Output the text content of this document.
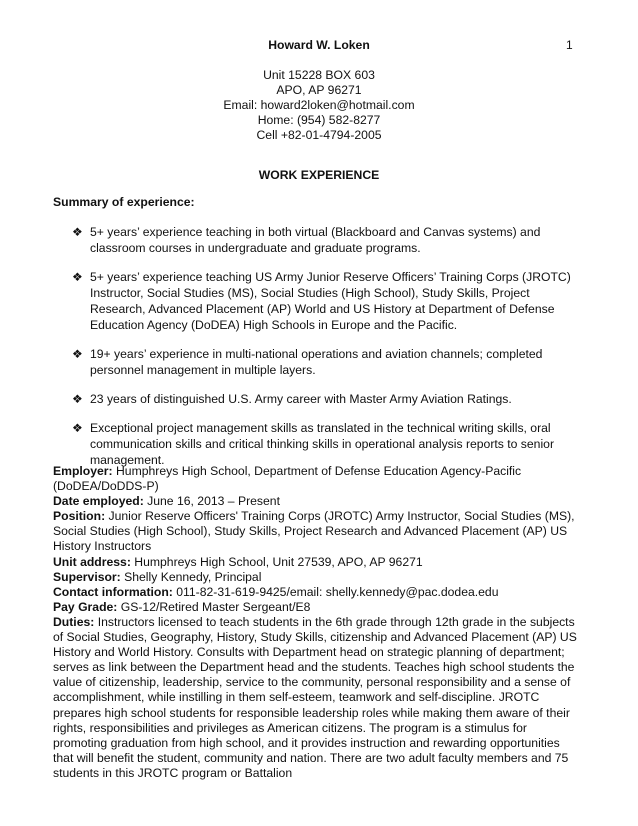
1
Howard W. Loken
Unit 15228 BOX 603
APO, AP 96271
Email: howard2loken@hotmail.com
Home: (954) 582-8277
Cell +82-01-4794-2005
WORK EXPERIENCE
Summary of experience:
❖ 5+ years’ experience teaching in both virtual (Blackboard and Canvas systems) and classroom courses in undergraduate and graduate programs.
❖ 5+ years’ experience teaching US Army Junior Reserve Officers’ Training Corps (JROTC) Instructor, Social Studies (MS), Social Studies (High School), Study Skills, Project Research, Advanced Placement (AP) World and US History at Department of Defense Education Agency (DoDEA) High Schools in Europe and the Pacific.
❖ 19+ years’ experience in multi-national operations and aviation channels; completed personnel management in multiple layers.
❖ 23 years of distinguished U.S. Army career with Master Army Aviation Ratings.
❖ Exceptional project management skills as translated in the technical writing skills, oral communication skills and critical thinking skills in operational analysis reports to senior management.

Employer: Humphreys High School, Department of Defense Education Agency-Pacific (DoDEA/DoDDS-P)

Date employed: June 16, 2013 – Present

Position: Junior Reserve Officers' Training Corps (JROTC) Army Instructor, Social Studies (MS), Social Studies (High School), Study Skills, Project Research and Advanced Placement (AP) US History Instructors

Unit address: Humphreys High School, Unit 27539, APO, AP 96271

Supervisor: Shelly Kennedy, Principal

Contact information: 011-82-31-619-9425/email: shelly.kennedy@pac.dodea.edu

Pay Grade: GS-12/Retired Master Sergeant/E8

Duties: Instructors licensed to teach students in the 6th grade through 12th grade in the subjects of Social Studies, Geography, History, Study Skills, citizenship and Advanced Placement (AP) US History and World History. Consults with Department head on strategic planning of department; serves as link between the Department head and the students. Teaches high school students the value of citizenship, leadership, service to the community, personal responsibility and a sense of accomplishment, while instilling in them self-esteem, teamwork and self-discipline. JROTC prepares high school students for responsible leadership roles while making them aware of their rights, responsibilities and privileges as American citizens. The program is a stimulus for promoting graduation from high school, and it provides instruction and rewarding opportunities that will benefit the student, community and nation. There are two adult faculty members and 75 students in this JROTC program or Battalion
